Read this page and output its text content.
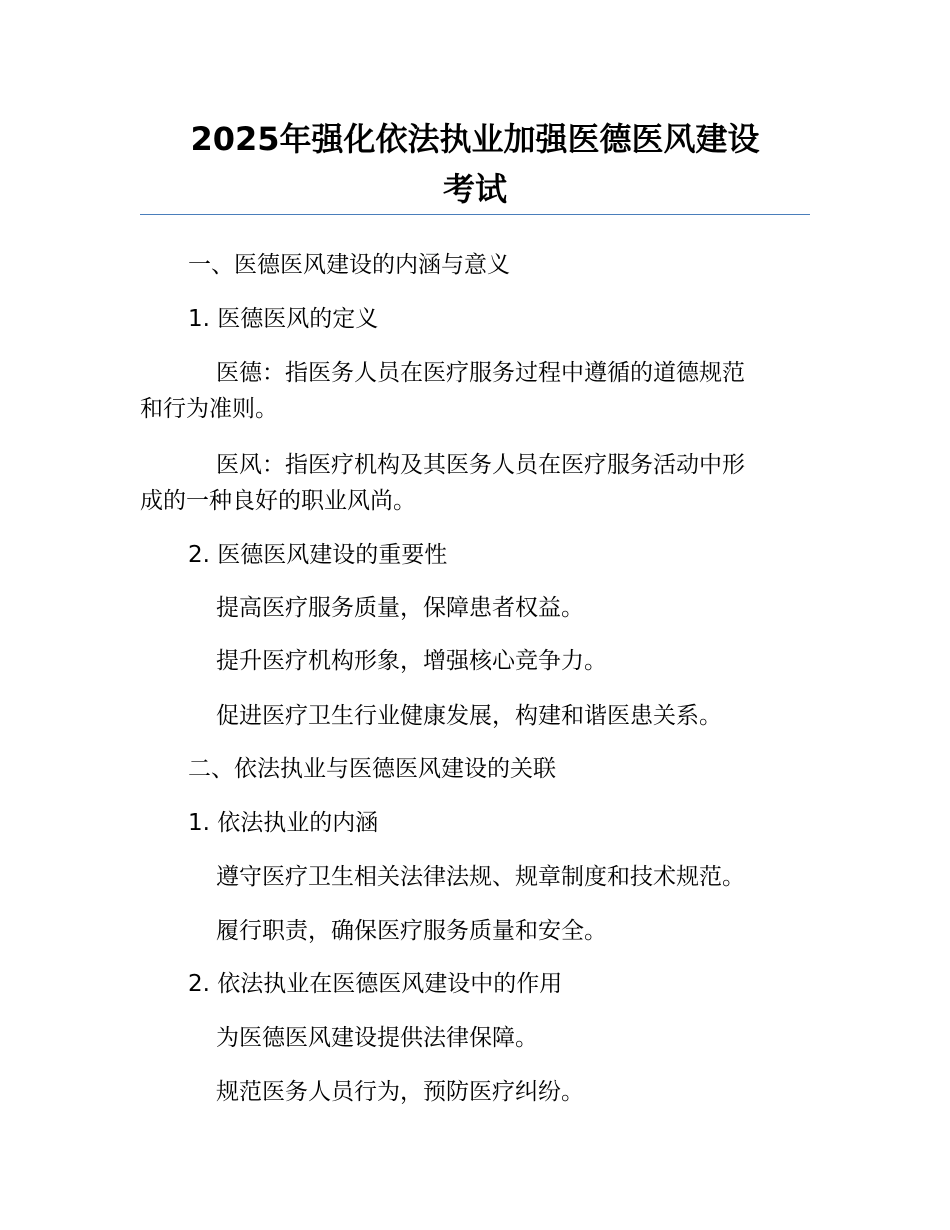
2025年强化依法执业加强医德医风建设
考试
一、医德医风建设的内涵与意义
1. 医德医风的定义
医德：指医务人员在医疗服务过程中遵循的道德规范
和行为准则。
医风：指医疗机构及其医务人员在医疗服务活动中形
成的一种良好的职业风尚。
2. 医德医风建设的重要性
提高医疗服务质量，保障患者权益。
提升医疗机构形象，增强核心竞争力。
促进医疗卫生行业健康发展，构建和谐医患关系。
二、依法执业与医德医风建设的关联
1. 依法执业的内涵
遵守医疗卫生相关法律法规、规章制度和技术规范。
履行职责，确保医疗服务质量和安全。
2. 依法执业在医德医风建设中的作用
为医德医风建设提供法律保障。
规范医务人员行为，预防医疗纠纷。
